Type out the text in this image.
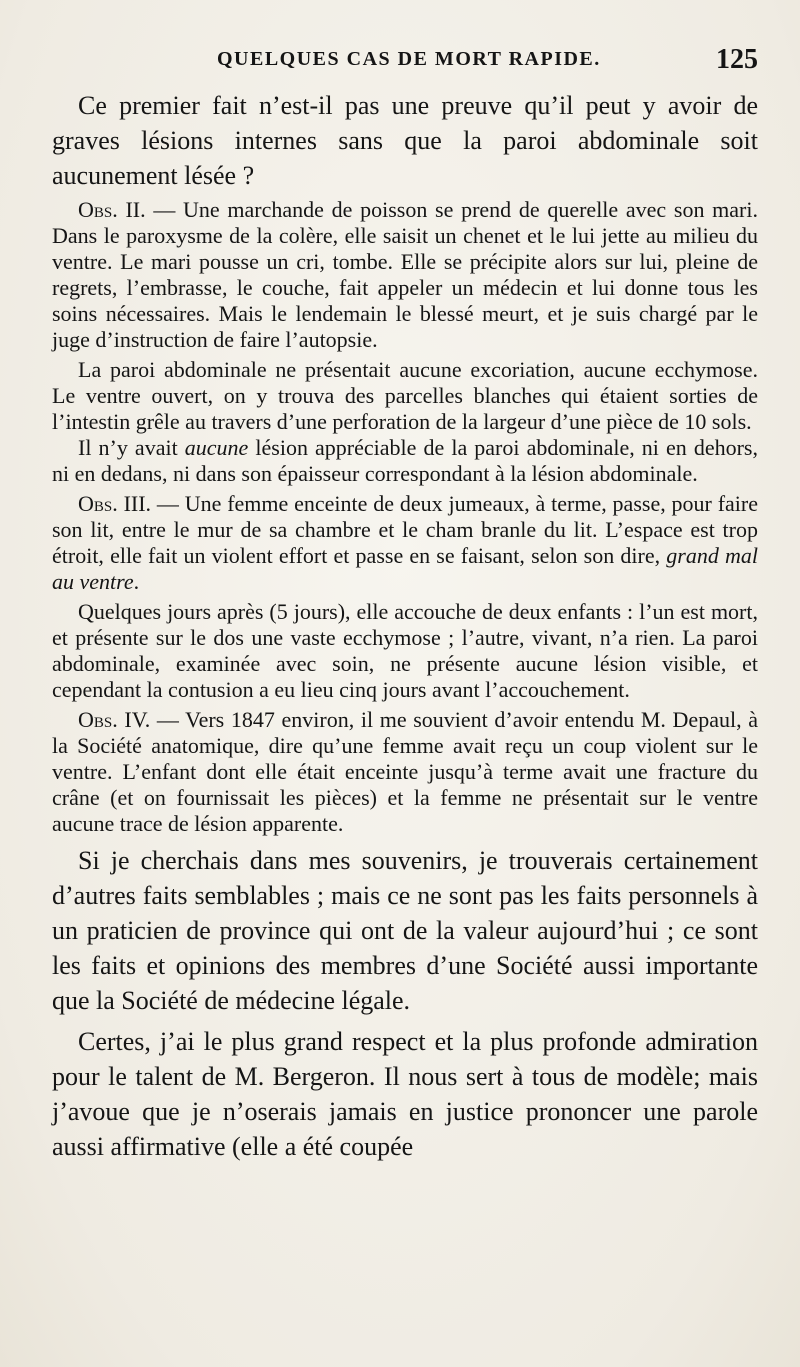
QUELQUES CAS DE MORT RAPIDE.	125

Ce premier fait n’est-il pas une preuve qu’il peut y avoir de graves lésions internes sans que la paroi abdominale soit aucunement lésée ?

Obs. II. — Une marchande de poisson se prend de querelle avec son mari. Dans le paroxysme de la colère, elle saisit un chenet et le lui jette au milieu du ventre. Le mari pousse un cri, tombe. Elle se précipite alors sur lui, pleine de regrets, l’embrasse, le couche, fait appeler un médecin et lui donne tous les soins nécessaires. Mais le lendemain le blessé meurt, et je suis chargé par le juge d’instruction de faire l’autopsie.

La paroi abdominale ne présentait aucune excoriation, aucune ecchymose. Le ventre ouvert, on y trouva des parcelles blanches qui étaient sorties de l’intestin grêle au travers d’une perforation de la largeur d’une pièce de 10 sols.

Il n’y avait aucune lésion appréciable de la paroi abdominale, ni en dehors, ni en dedans, ni dans son épaisseur correspondant à la lésion abdominale.

Obs. III. — Une femme enceinte de deux jumeaux, à terme, passe, pour faire son lit, entre le mur de sa chambre et le cham branle du lit. L’espace est trop étroit, elle fait un violent effort et passe en se faisant, selon son dire, grand mal au ventre.

Quelques jours après (5 jours), elle accouche de deux enfants : l’un est mort, et présente sur le dos une vaste ecchymose ; l’autre, vivant, n’a rien. La paroi abdominale, examinée avec soin, ne présente aucune lésion visible, et cependant la contusion a eu lieu cinq jours avant l’accouchement.

Obs. IV. — Vers 1847 environ, il me souvient d’avoir entendu M. Depaul, à la Société anatomique, dire qu’une femme avait reçu un coup violent sur le ventre. L’enfant dont elle était enceinte jusqu’à terme avait une fracture du crâne (et on fournissait les pièces) et la femme ne présentait sur le ventre aucune trace de lésion apparente.

Si je cherchais dans mes souvenirs, je trouverais certainement d’autres faits semblables ; mais ce ne sont pas les faits personnels à un praticien de province qui ont de la valeur aujourd’hui ; ce sont les faits et opinions des membres d’une Société aussi importante que la Société de médecine légale.

Certes, j’ai le plus grand respect et la plus profonde admiration pour le talent de M. Bergeron. Il nous sert à tous de modèle; mais j’avoue que je n’oserais jamais en justice prononcer une parole aussi affirmative (elle a été coupée
